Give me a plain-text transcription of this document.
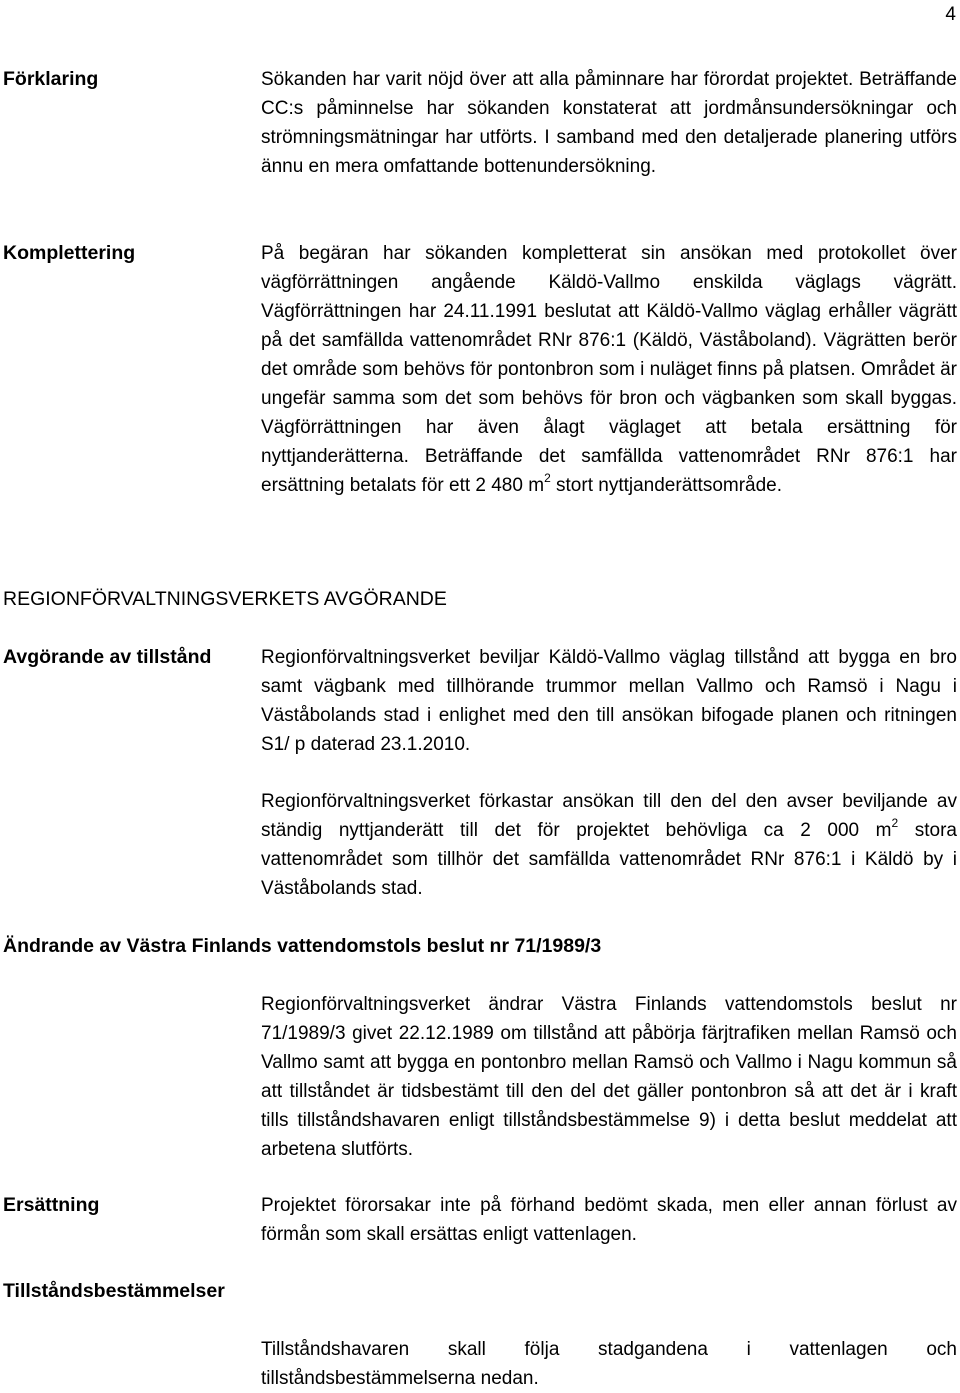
4
Förklaring	Sökanden har varit nöjd över att alla påminnare har förordat projektet. Beträffande CC:s påminnelse har sökanden konstaterat att jordmånsundersökningar och strömningsmätningar har utförts. I samband med den detaljerade planering utförs ännu en mera omfattande bottenundersökning.
Komplettering	På begäran har sökanden kompletterat sin ansökan med protokollet över vägförrättningen angående Käldö-Vallmo enskilda väglags vägrätt. Vägförrättningen har 24.11.1991 beslutat att Käldö-Vallmo väglag erhåller vägrätt på det samfällda vattenområdet RNr 876:1 (Käldö, Väståboland). Vägrätten berör det område som behövs för pontonbron som i nuläget finns på platsen. Området är ungefär samma som det som behövs för bron och vägbanken som skall byggas. Vägförrättningen har även ålagt väglaget att betala ersättning för nyttjanderätterna. Beträffande det samfällda vattenområdet RNr 876:1 har ersättning betalats för ett 2 480 $m^2$ stort nyttjanderättsområde.
REGIONFÖRVALTNINGSVERKETS AVGÖRANDE
Avgörande av tillstånd	Regionförvaltningsverket beviljar Käldö-Vallmo väglag tillstånd att bygga en bro samt vägbank med tillhörande trummor mellan Vallmo och Ramsö i Nagu i Väståbolands stad i enlighet med den till ansökan bifogade planen och ritningen S1/ p daterad 23.1.2010.
Regionförvaltningsverket förkastar ansökan till den del den avser beviljande av ständig nyttjanderätt till det för projektet behövliga ca 2 000 $m^2$ stora vattenområdet som tillhör det samfällda vattenområdet RNr 876:1 i Käldö by i Väståbolands stad.
Ändrande av Västra Finlands vattendomstols beslut nr 71/1989/3
Regionförvaltningsverket ändrar Västra Finlands vattendomstols beslut nr 71/1989/3 givet 22.12.1989 om tillstånd att påbörja färjtrafiken mellan Ramsö och Vallmo samt att bygga en pontonbro mellan Ramsö och Vallmo i Nagu kommun så att tillståndet är tidsbestämt till den del det gäller pontonbron så att det är i kraft tills tillståndshavaren enligt tillståndsbestämmelse 9) i detta beslut meddelat att arbetena slutförts.
Ersättning	Projektet förorsakar inte på förhand bedömt skada, men eller annan förlust av förmån som skall ersättas enligt vattenlagen.
Tillståndsbestämmelser
Tillståndshavaren skall följa stadgandena i vattenlagen och tillståndsbestämmelserna nedan.
